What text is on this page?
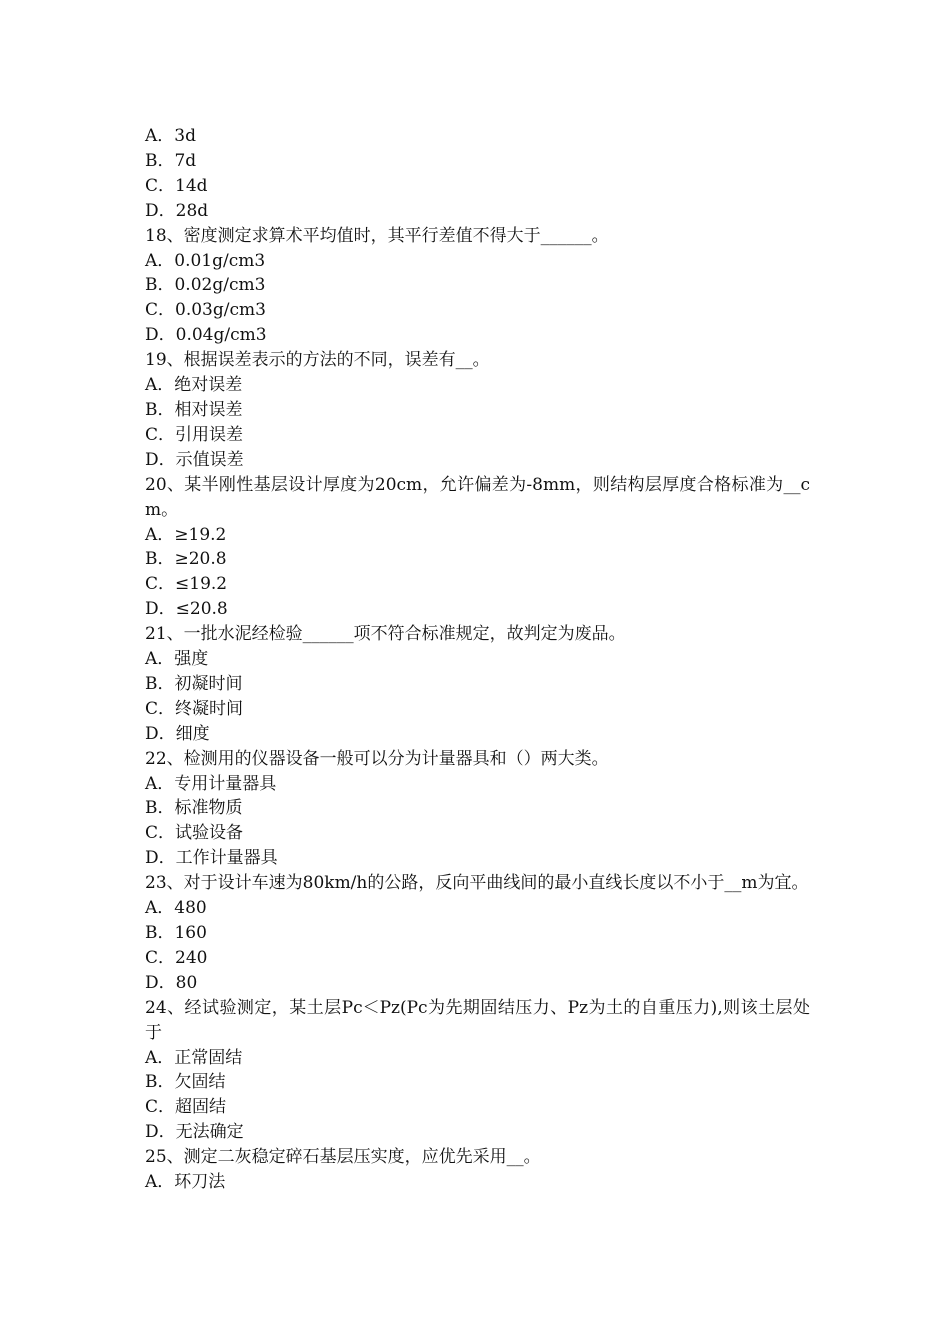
A．3d
B．7d
C．14d
D．28d
18、密度测定求算术平均值时，其平行差值不得大于______。
A．0.01g/cm3
B．0.02g/cm3
C．0.03g/cm3
D．0.04g/cm3
19、根据误差表示的方法的不同，误差有__。
A．绝对误差
B．相对误差
C．引用误差
D．示值误差
20、某半刚性基层设计厚度为20cm，允许偏差为-8mm，则结构层厚度合格标准为__cm。
A．≥19.2
B．≥20.8
C．≤19.2
D．≤20.8
21、一批水泥经检验______项不符合标准规定，故判定为废品。
A．强度
B．初凝时间
C．终凝时间
D．细度
22、检测用的仪器设备一般可以分为计量器具和（）两大类。
A．专用计量器具
B．标准物质
C．试验设备
D．工作计量器具
23、对于设计车速为80km/h的公路，反向平曲线间的最小直线长度以不小于__m为宜。
A．480
B．160
C．240
D．80
24、经试验测定，某土层Pc＜Pz(Pc为先期固结压力、Pz为土的自重压力),则该土层处于
A．正常固结
B．欠固结
C．超固结
D．无法确定
25、测定二灰稳定碎石基层压实度，应优先采用__。
A．环刀法
